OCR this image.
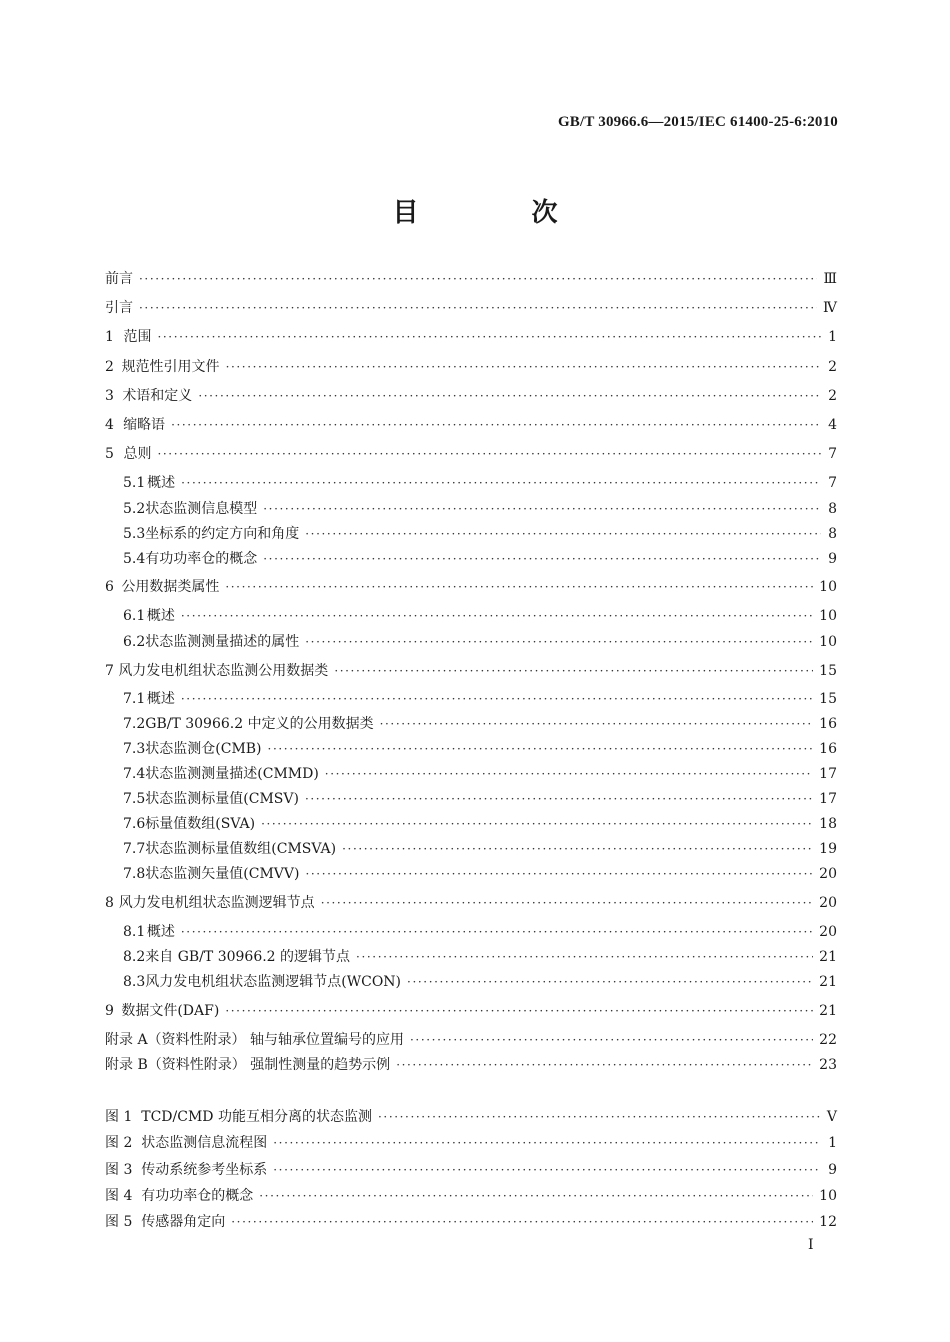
GB/T 30966.6—2015/IEC 61400-25-6:2010
目 次
前言 ·····	Ⅲ
引言 ·····	Ⅳ
1 范围 ·····	1
2 规范性引用文件 ·····	2
3 术语和定义 ·····	2
4 缩略语 ·····	4
5 总则 ·····	7
5.1 概述 ·····	7
5.2 状态监测信息模型 ·····	8
5.3 坐标系的约定方向和角度 ·····	8
5.4 有功功率仓的概念 ·····	9
6 公用数据类属性 ·····	10
6.1 概述 ·····	10
6.2 状态监测测量描述的属性 ·····	10
7 风力发电机组状态监测公用数据类 ·····	15
7.1 概述 ·····	15
7.2 GB/T 30966.2 中定义的公用数据类 ·····	16
7.3 状态监测仓(CMB) ·····	16
7.4 状态监测测量描述(CMMD) ·····	17
7.5 状态监测标量值(CMSV) ·····	17
7.6 标量值数组(SVA) ·····	18
7.7 状态监测标量值数组(CMSVA) ·····	19
7.8 状态监测矢量值(CMVV) ·····	20
8 风力发电机组状态监测逻辑节点 ·····	20
8.1 概述 ·····	20
8.2 来自 GB/T 30966.2 的逻辑节点 ·····	21
8.3 风力发电机组状态监测逻辑节点(WCON) ·····	21
9 数据文件(DAF) ·····	21
附录 A（资料性附录） 轴与轴承位置编号的应用 ·····	22
附录 B（资料性附录） 强制性测量的趋势示例 ·····	23
图 1  TCD/CMD 功能互相分离的状态监测 ·····	Ⅴ
图 2  状态监测信息流程图 ·····	1
图 3  传动系统参考坐标系 ·····	9
图 4  有功功率仓的概念 ·····	10
图 5  传感器角定向 ·····	12
Ⅰ
